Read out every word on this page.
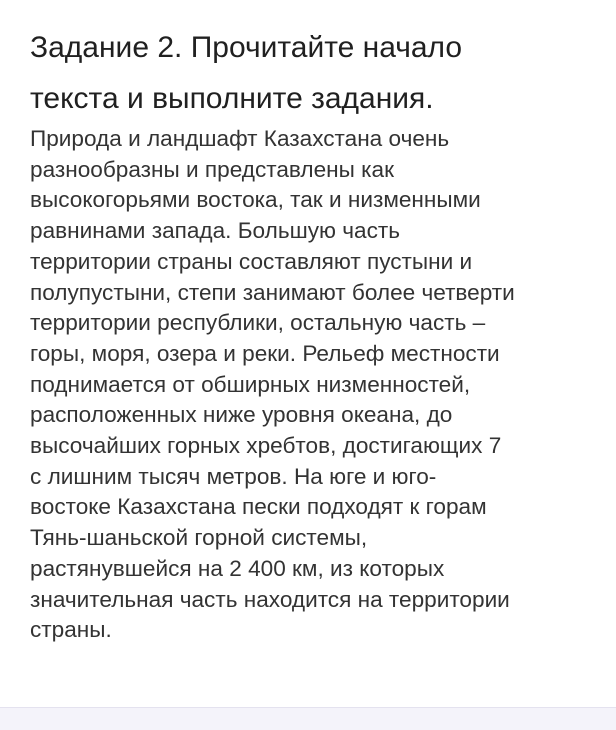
Задание 2. Прочитайте начало
текста и выполните задания.

Природа и ландшафт Казахстана очень
разнообразны и представлены как
высокогорьями востока, так и низменными
равнинами запада. Большую часть
территории страны составляют пустыни и
полупустыни, степи занимают более четверти
территории республики, остальную часть –
горы, моря, озера и реки. Рельеф местности
поднимается от обширных низменностей,
расположенных ниже уровня океана, до
высочайших горных хребтов, достигающих 7
с лишним тысяч метров. На юге и юго-
востоке Казахстана пески подходят к горам
Тянь-шаньской горной системы,
растянувшейся на 2 400 км, из которых
значительная часть находится на территории
страны.
